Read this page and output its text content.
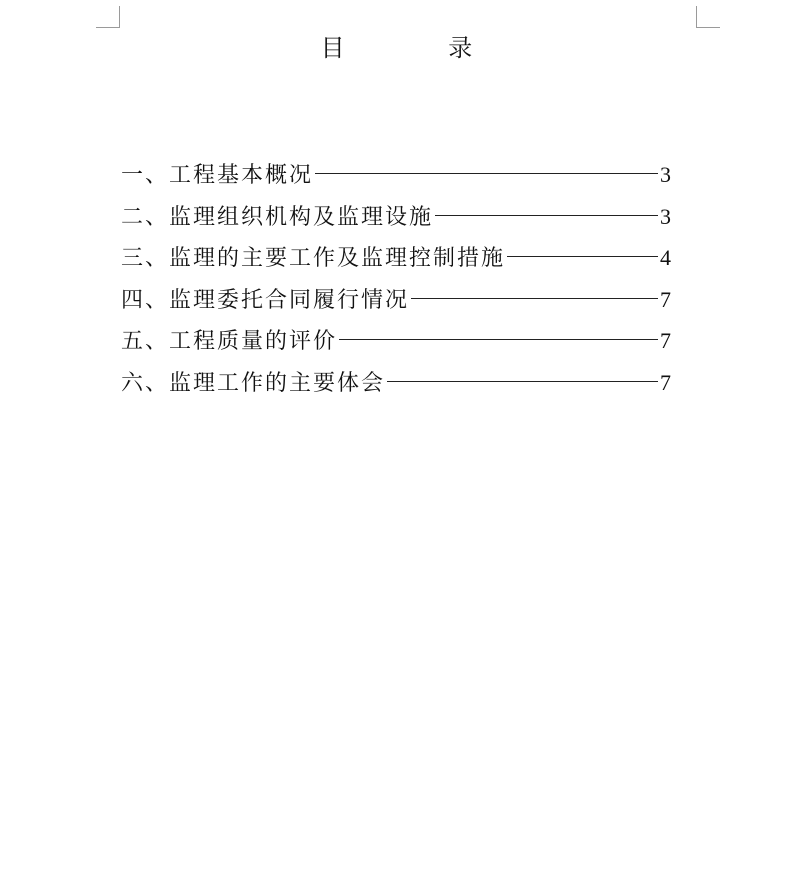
目 录
一、工程基本概况	3
二、监理组织机构及监理设施	3
三、监理的主要工作及监理控制措施	4
四、监理委托合同履行情况	7
五、工程质量的评价	7
六、监理工作的主要体会	7
